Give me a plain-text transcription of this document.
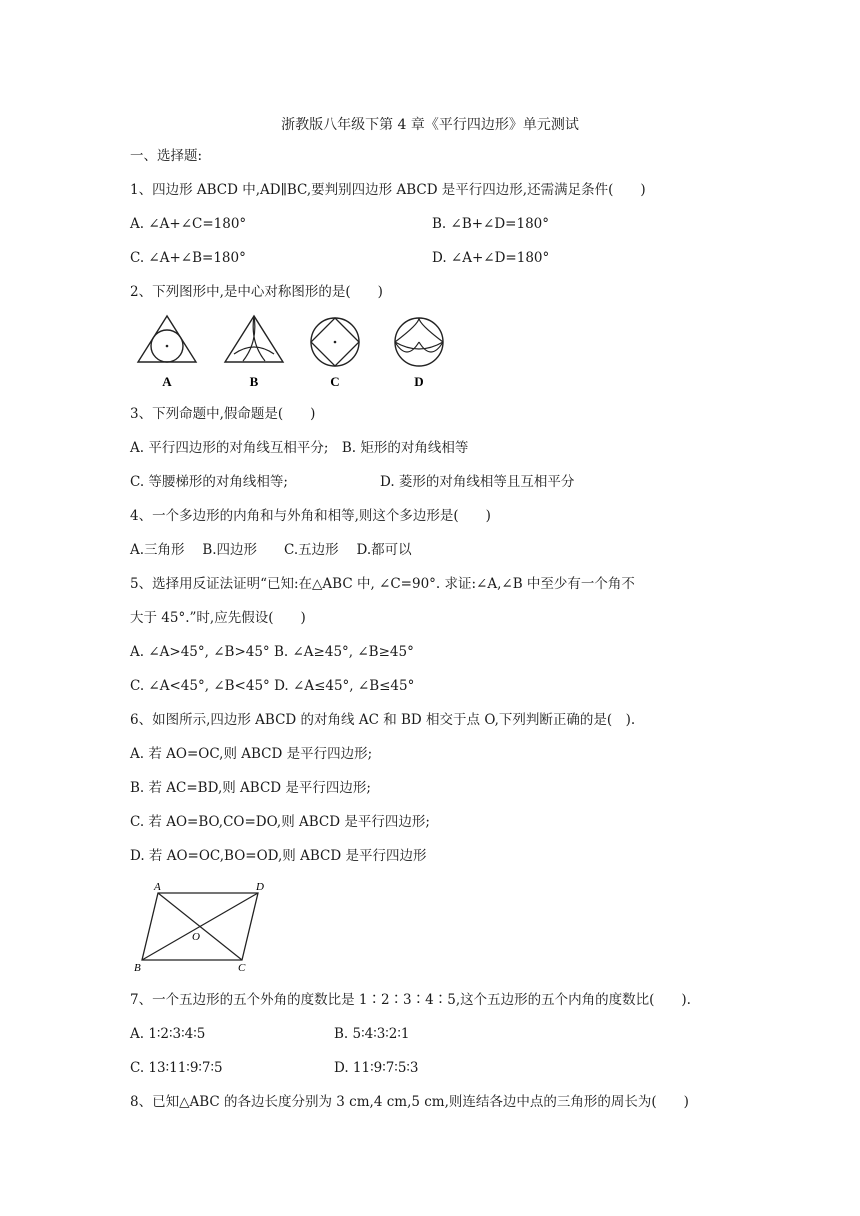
浙教版八年级下第 4 章《平行四边形》单元测试
一、选择题:
1、四边形 ABCD 中,AD∥BC,要判别四边形 ABCD 是平行四边形,还需满足条件(　　)
A. ∠A+∠C=180°	B. ∠B+∠D=180°
C. ∠A+∠B=180°	D. ∠A+∠D=180°
2、下列图形中,是中心对称图形的是(　　)
A	B	C	D
3、下列命题中,假命题是(　　)
A. 平行四边形的对角线互相平分;　B. 矩形的对角线相等
C. 等腰梯形的对角线相等;	D. 菱形的对角线相等且互相平分
4、一个多边形的内角和与外角和相等,则这个多边形是(　　)
A.三角形　 B.四边形　　C.五边形　 D.都可以
5、选择用反证法证明“已知:在△ABC 中, ∠C=90°. 求证:∠A,∠B 中至少有一个角不
大于 45°.”时,应先假设(　　)
A. ∠A>45°, ∠B>45° B. ∠A≥45°, ∠B≥45°
C. ∠A<45°, ∠B<45° D. ∠A≤45°, ∠B≤45°
6、如图所示,四边形 ABCD 的对角线 AC 和 BD 相交于点 O,下列判断正确的是(　).
A. 若 AO=OC,则 ABCD 是平行四边形;
B. 若 AC=BD,则 ABCD 是平行四边形;
C. 若 AO=BO,CO=DO,则 ABCD 是平行四边形;
D. 若 AO=OC,BO=OD,则 ABCD 是平行四边形
A	D
B	C
O
7、一个五边形的五个外角的度数比是 1∶2∶3∶4∶5,这个五边形的五个内角的度数比(　　).
A. 1∶2∶3∶4∶5	B. 5∶4∶3∶2∶1
C. 13∶11∶9∶7∶5	D. 11∶9∶7∶5∶3
8、已知△ABC 的各边长度分别为 3 cm,4 cm,5 cm,则连结各边中点的三角形的周长为(　　)
